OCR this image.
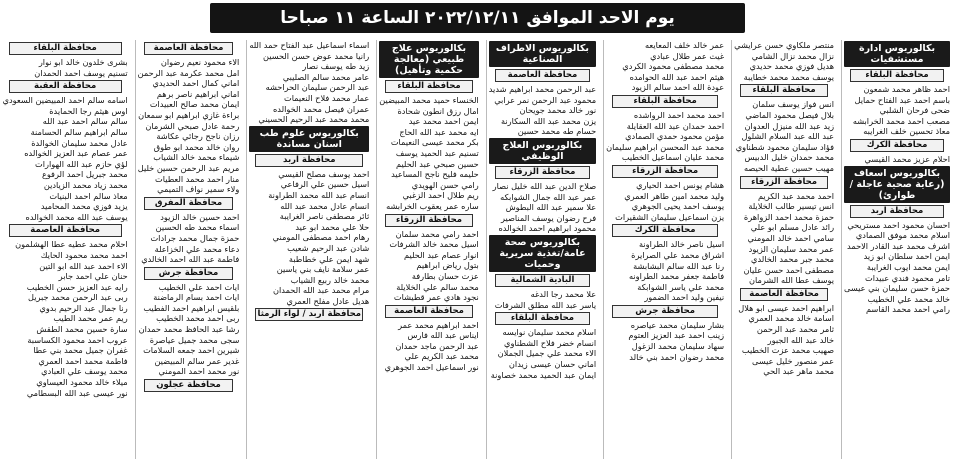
يوم الاحد الموافق ٢٠٢٢/١٢/١١ الساعة ١١ صباحا
بكالوريوس ادارة مستشفيات
محافظة البلقاء
احمد ظاهر محمد شمعون
باسم احمد عبد الفتاح حمايل
ضحى فرحان الشلبي
مصعب احمد محمد الخرابشه
معاذ تحسين خلف الغرايبه
محافظة الكرك
احلام عزيز محمد القيسي
بكالوريوس اسعاف (رعاية صحية عاجلة / طوارئ)
محافظة اربد
احسان محمود احمد مستريحي
اسلام محمد موفق الصمادي
اشرف محمد عبد القادر الاحمد
ايمن احمد سلطان ابو زيد
ايمن محمد ايوب الغرايبة
تامر محمود فندي عبيدات
حمزة حسن سليمان بني عيسى
خالد محمد علي الخطيب
رامي احمد محمد القاسم
منتصر ملكاوي حسن عرايشي
نزال محمد نزال الشامي
هديل فوزي محمد حديدي
يوسف محمد محمد خطايبة
محافظة البلقاء
انس فواز يوسف سلمان
بلال فيصل محمود الماضي
زيد عبد الله منيزل العدوان
عبد الله عبد السلام الشلول
فؤاد سليمان محمود شطناوي
محمد حمدان خليل الدبيس
مهيب حسين عطية الحيصه
محافظة الزرقاء
احمد محمد عبد الكريم
انس تيسير طالب الخلايلة
حمزة محمد احمد الزواهرة
رائد عادل مسلم ابو علي
سامي احمد خالد المومني
عمر محمد سليمان الزيود
محمد جبر محمد الخالدي
مصطفى احمد حسن عليان
يوسف عطا الله الشرمان
محافظة العاصمة
ابراهيم احمد عيسى ابو هلال
اسامة خالد محمد العمري
ثامر محمد عبد الرحمن
خالد عبد الله الجبور
صهيب محمد عزت الخطيب
عمر منصور خليل عيسى
محمد ماهر عبد الحي
عمر خالد خلف المعايعه
غيث عمر طلال عبادي
محمد مصطفى محمود الكردي
هيثم احمد عبد الله الحوامده
عودة الله احمد سالم الزيود
محافظة البلقاء
احمد محمد احمد الرواشده
احمد حمدان عبد الله العقايلة
مؤمن محمود حمدي الصمادي
محمد عبد المحسن ابراهيم سليمان
محمد عليان اسماعيل الخطيب
محافظة الزرقاء
هشام يونس احمد الحياري
وليد محمد امين طاهر العمري
يوسف احمد يحيى الجوهري
يزن اسماعيل سليمان الشقيرات
محافظة الكرك
اسيل ناصر خالد الطراونة
اشراق محمد علي الصرايرة
رنا عبد الله سالم البشابشة
فاطمة جعفر محمد الطراونه
محمد علي ياسر الشوابكة
نيفين وليد احمد الضمور
محافظة جرش
بشار سليمان محمد عياصره
زينب احمد عبد العزيز العتوم
سهاد سليمان محمد الزغول
محمد رضوان احمد بني خالد
بكالوريوس الاطراف الصناعية
محافظة العاصمة
عبد الرحمن محمد ابراهيم شديد
محمود عبد الرحمن نمر عرابي
نور خالد محمد جويحان
يزن محمد عبد الله السكارنة
حسام طه محمد حسين
بكالوريوس العلاج الوظيفي
محافظة الزرقاء
صلاح الدين عبد الله خليل نصار
عمر عبد الله جمال الشوابكه
علا سمير عبد الله البطوش
فرح رضوان يوسف المناصير
محمود ابراهيم احمد الخوالده
بكالوريوس صحة عامة/تغذية سريرية وحميات
البادية الشمالية
علا محمد رجا الدغه
ياسر عبد الله مطلق الشرفات
محافظة البلقاء
اسلام محمد سليمان نوايسه
انسام خضر فلاح الشطناوي
الاء محمد علي جميل الجملان
اماني حسان عيسى زيدان
ايمان عبد الحميد محمد خصاونة
بكالوريوس علاج طبيعي (معالجة حكمية وتأهيل)
محافظة البلقاء
الخنساء حميد محمد المبيضين
امال رزق انطون شحادة
ايمن احمد محمد عيد
ايه محمد عبد الله الحاج
بكر محمد عيسى النعيمات
تسنيم عبد الحميد يوسف
حسين صبحي عبد الحليم
حليمه فليح ناجح المساعيد
رامي حسن الهويدي
ريم طلال احمد الزغبي
ساره عمر يعقوب الخرابشه
محافظة الزرقاء
احمد رامي محمد سلمان
اسيل محمد خالد الشرفات
انوار عصام عبد الحليم
بتول رياض ابراهيم
عزت حسان بطارفة
محمد سالم علي الخلايلة
نجود هادي عمر قطيشات
محافظة العاصمة
احمد ابراهيم محمد عمر
ايناس عبد الله فارس
عبد الرحمن ماجد حمدان
محمد عبد الكريم علي
نور اسماعيل احمد الجوهري
اسماء اسماعيل عبد الفتاح حمد الله
رانيا محمد عوض حسن الحسين
زيد طه يوسف نصار
عامر محمد سالم الصليبي
عبد الرحمن سليمان الحراحشه
عمار محمد فلاح النعيمات
عمران فيصل محمد الخوالده
محمد محمد عبد الرحيم الحسيني
بكالوريوس علوم طب اسنان مساندة
محافظة اربد
احمد يوسف مصلح القيسي
اسيل حسين علي الرفاعي
انسام عبد الله محمد الطراونة
انسام عادل محمد عبد الله
ثائر مصطفى ناصر الغرايبة
حلا علي محمد ابو عيد
رهام احمد مصطفى المومني
شادن عبد الرحيم شعيب
شهد ايمن علي خطاطبة
عمر سلامة نايف بني ياسين
محمد خالد ربيع الشياب
مرام محمد عبد الله الحمدان
هديل عادل مفلح العمري
محافظة اربد / لواء الرمثا
محافظة العاصمة
الاء محمود نعيم رضوان
امل محمد عكرمة عبد الرحمن
اماني كمال احمد الحديدي
اماني ابراهيم ناصر برهم
ايمان محمد صالح العبيدات
براءة غازي ابراهيم ابو سمعان
رحمة عادل صبحي الشرمان
رزان ناجح رجائي عكاشة
روان خالد محمد ابو طوق
شيماء محمد خالد الشياب
مريم عبد الرحمن حسين خليل
منار احمد محمد العطيات
ولاء سمير نواف التميمي
محافظة المفرق
احمد حسين خالد الزيود
اسماء محمد طه الحسين
حمزة جمال محمد جرادات
دعاء محمد علي الخزاعلة
فاطمة عبد الله احمد الخالدي
محافظة جرش
ايات احمد علي الخطيب
ايات احمد بسام الرماضنة
بلقيس ابراهيم احمد الفطيب
ربى احمد محمد الخطيب
رشا عبد الحافظ محمد حمدان
سجى محمد جميل عياصرة
شيرين احمد جمعه السلامات
غدير عمر سالم المبيضين
نور محمد احمد المومني
محافظة عجلون
محافظة البلقاء
بشرى خلدون خالد ابو نوار
تسنيم يوسف احمد الحمدان
محافظة العقبة
اسامه سالم احمد المبيضين السعودي
اوس هيثم رجا الحمايدة
سالم سالم احمد عبد الله
سالم ابراهيم سالم الحسامنة
عادل محمد سليمان الخوالدة
عمر عصام عبد العزيز الخوالده
لؤي حازم عبد الله الهوارات
محمد جبريل احمد الرفوع
محمد زياد محمد الزيادين
معاذ سالم احمد البنيات
يزيد فوزي محمد المحاميد
يوسف عبد الله محمد الخوالده
محافظة العاصمة
احلام محمد عطيه عطا الهشلمون
احمد محمد محمود الحايك
الاء احمد عبد الله ابو التين
حنان علي احمد جابر
رايه عبد العزيز حسن الخطيب
ربى عبد الرحمن محمد جبريل
رنا جمال عبد الرحيم بدوي
ريم عمر محمد الطيب
سارة حسين محمد الطقش
عروب احمد محمود الكساسبة
غفران جميل محمد بني عطا
فاطمة محمد احمد العمري
محمد يوسف علي العبادي
ميلاء خالد محمود العيساوي
نور عيسى عبد الله البسطامي
